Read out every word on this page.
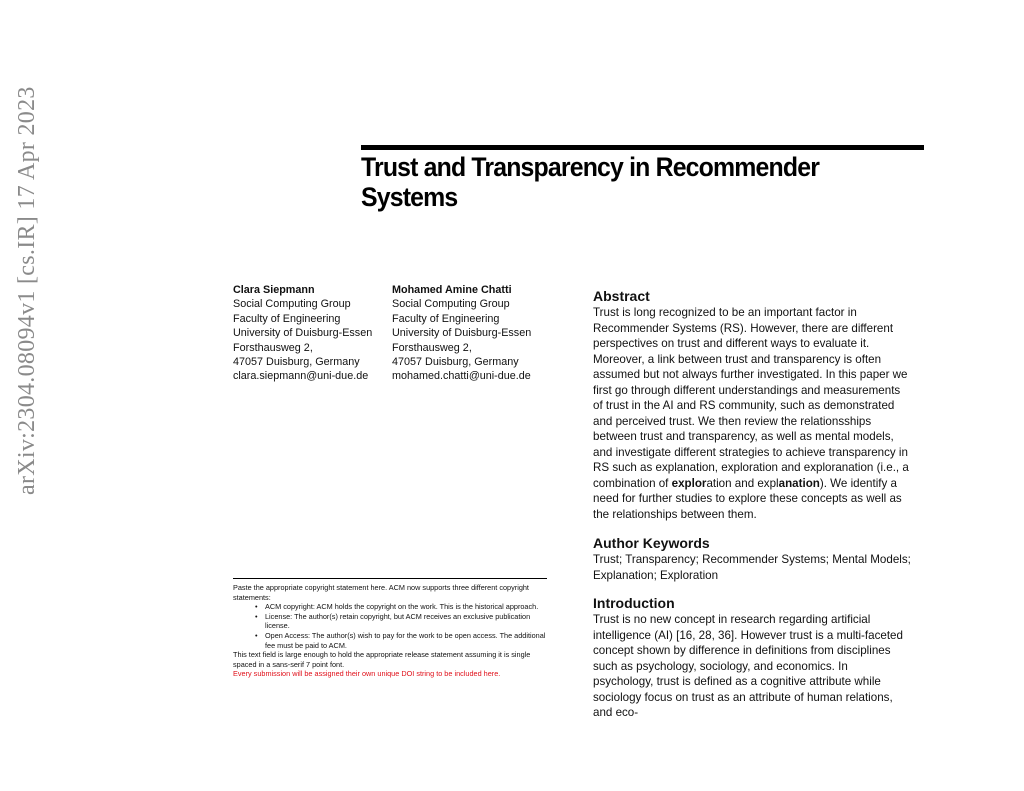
arXiv:2304.08094v1 [cs.IR] 17 Apr 2023	Trust and Transparency in Recommender Systems
Clara Siepmann
Social Computing Group
Faculty of Engineering
University of Duisburg-Essen
Forsthausweg 2,
47057 Duisburg, Germany
clara.siepmann@uni-due.de
Mohamed Amine Chatti
Social Computing Group
Faculty of Engineering
University of Duisburg-Essen
Forsthausweg 2,
47057 Duisburg, Germany
mohamed.chatti@uni-due.de
Paste the appropriate copyright statement here. ACM now supports three different copyright statements:
• ACM copyright: ACM holds the copyright on the work. This is the historical approach.
• License: The author(s) retain copyright, but ACM receives an exclusive publication license.
• Open Access: The author(s) wish to pay for the work to be open access. The additional fee must be paid to ACM.
This text field is large enough to hold the appropriate release statement assuming it is single spaced in a sans-serif 7 point font.
Every submission will be assigned their own unique DOI string to be included here.
Abstract

Trust is long recognized to be an important factor in Recommender Systems (RS). However, there are different perspectives on trust and different ways to evaluate it. Moreover, a link between trust and transparency is often assumed but not always further investigated. In this paper we first go through different understandings and measurements of trust in the AI and RS community, such as demonstrated and perceived trust. We then review the relationsships between trust and transparency, as well as mental models, and investigate different strategies to achieve transparency in RS such as explanation, exploration and exploranation (i.e., a combination of exploration and explanation). We identify a need for further studies to explore these concepts as well as the relationships between them.

Author Keywords

Trust; Transparency; Recommender Systems; Mental Models; Explanation; Exploration

Introduction

Trust is no new concept in research regarding artificial intelligence (AI) [16, 28, 36]. However trust is a multi-faceted concept shown by difference in definitions from disciplines such as psychology, sociology, and economics. In psychology, trust is defined as a cognitive attribute while sociology focus on trust as an attribute of human relations, and eco-
